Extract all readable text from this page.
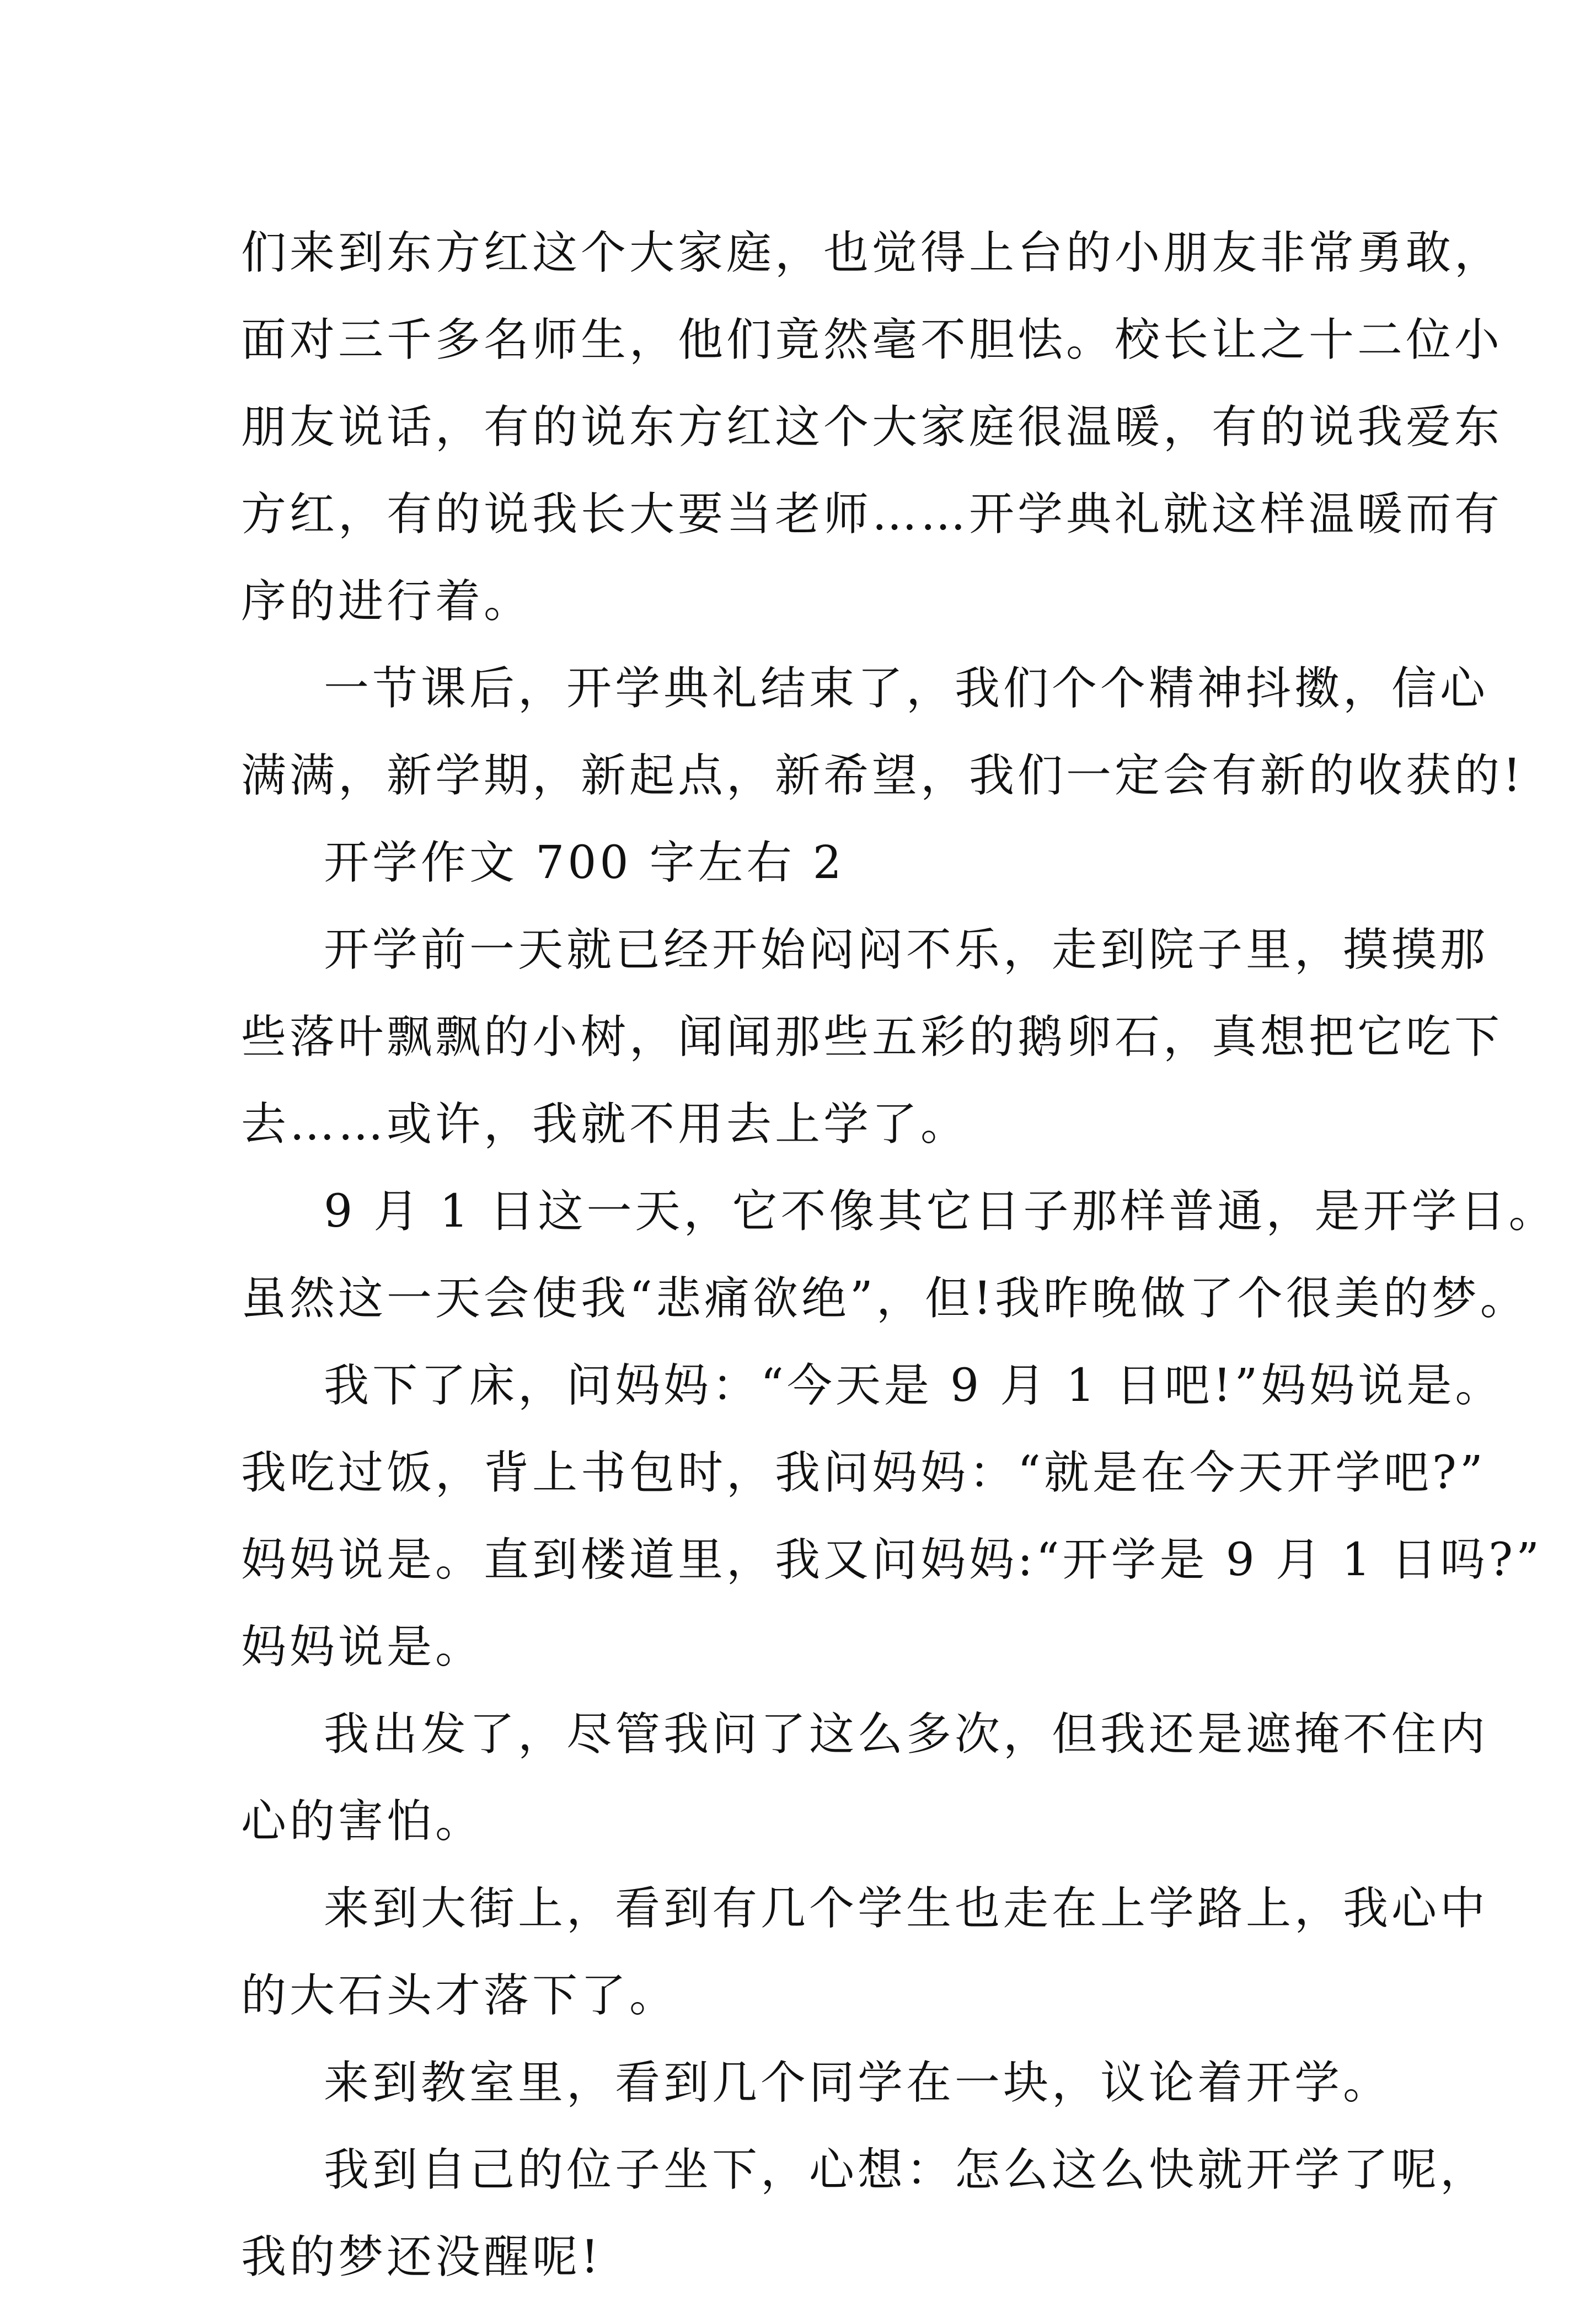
们来到东方红这个大家庭，也觉得上台的小朋友非常勇敢，
面对三千多名师生，他们竟然毫不胆怯。校长让之十二位小
朋友说话，有的说东方红这个大家庭很温暖，有的说我爱东
方红，有的说我长大要当老师……开学典礼就这样温暖而有
序的进行着。
一节课后，开学典礼结束了，我们个个精神抖擞，信心
满满，新学期，新起点，新希望，我们一定会有新的收获的!
开学作文 700 字左右 2
开学前一天就已经开始闷闷不乐，走到院子里，摸摸那
些落叶飘飘的小树，闻闻那些五彩的鹅卵石，真想把它吃下
去……或许，我就不用去上学了。
9 月 1 日这一天，它不像其它日子那样普通，是开学日。
虽然这一天会使我“悲痛欲绝”，但!我昨晚做了个很美的梦。
我下了床，问妈妈：“今天是 9 月 1 日吧!”妈妈说是。
我吃过饭，背上书包时，我问妈妈：“就是在今天开学吧?”
妈妈说是。直到楼道里，我又问妈妈:“开学是 9 月 1 日吗?”
妈妈说是。
我出发了，尽管我问了这么多次，但我还是遮掩不住内
心的害怕。
来到大街上，看到有几个学生也走在上学路上，我心中
的大石头才落下了。
来到教室里，看到几个同学在一块，议论着开学。
我到自己的位子坐下，心想：怎么这么快就开学了呢，
我的梦还没醒呢!
